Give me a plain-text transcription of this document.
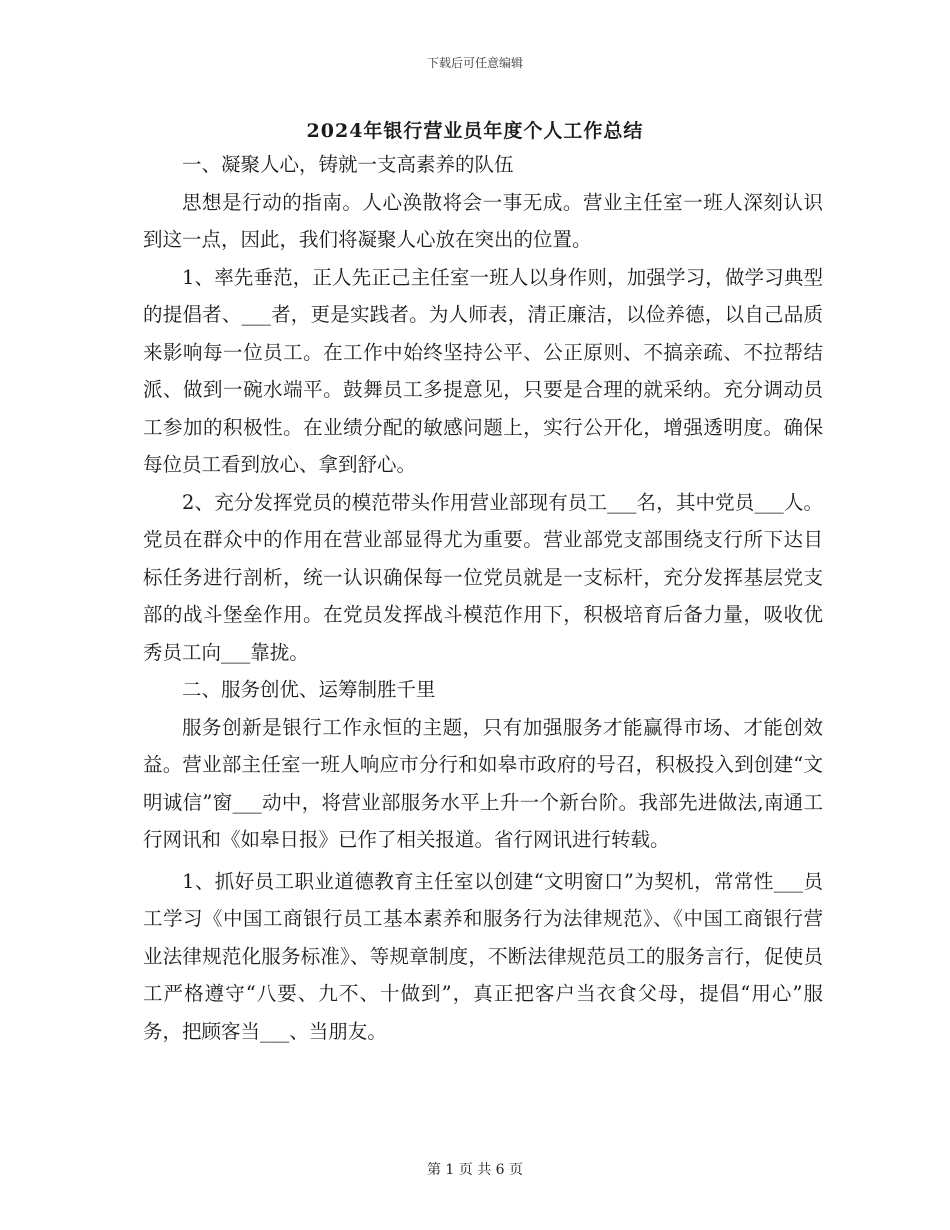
下载后可任意编辑
2024年银行营业员年度个人工作总结

一、凝聚人心，铸就一支高素养的队伍

思想是行动的指南。人心涣散将会一事无成。营业主任室一班人深刻认识到这一点，因此，我们将凝聚人心放在突出的位置。

1、率先垂范，正人先正己主任室一班人以身作则，加强学习，做学习典型的提倡者、___者，更是实践者。为人师表，清正廉洁，以俭养德，以自己品质来影响每一位员工。在工作中始终坚持公平、公正原则、不搞亲疏、不拉帮结派、做到一碗水端平。鼓舞员工多提意见，只要是合理的就采纳。充分调动员工参加的积极性。在业绩分配的敏感问题上，实行公开化，增强透明度。确保每位员工看到放心、拿到舒心。

2、充分发挥党员的模范带头作用营业部现有员工___名，其中党员___人。党员在群众中的作用在营业部显得尤为重要。营业部党支部围绕支行所下达目标任务进行剖析，统一认识确保每一位党员就是一支标杆，充分发挥基层党支部的战斗堡垒作用。在党员发挥战斗模范作用下，积极培育后备力量，吸收优秀员工向___靠拢。

二、服务创优、运筹制胜千里

服务创新是银行工作永恒的主题，只有加强服务才能赢得市场、才能创效益。营业部主任室一班人响应市分行和如皋市政府的号召，积极投入到创建“文明诚信”窗___动中，将营业部服务水平上升一个新台阶。我部先进做法,南通工行网讯和《如皋日报》已作了相关报道。省行网讯进行转载。

1、抓好员工职业道德教育主任室以创建“文明窗口”为契机，常常性___员工学习《中国工商银行员工基本素养和服务行为法律规范》、《中国工商银行营业法律规范化服务标准》、等规章制度，不断法律规范员工的服务言行，促使员工严格遵守“八要、九不、十做到”，真正把客户当衣食父母，提倡“用心”服务，把顾客当___、当朋友。

第 1 页 共 6 页
